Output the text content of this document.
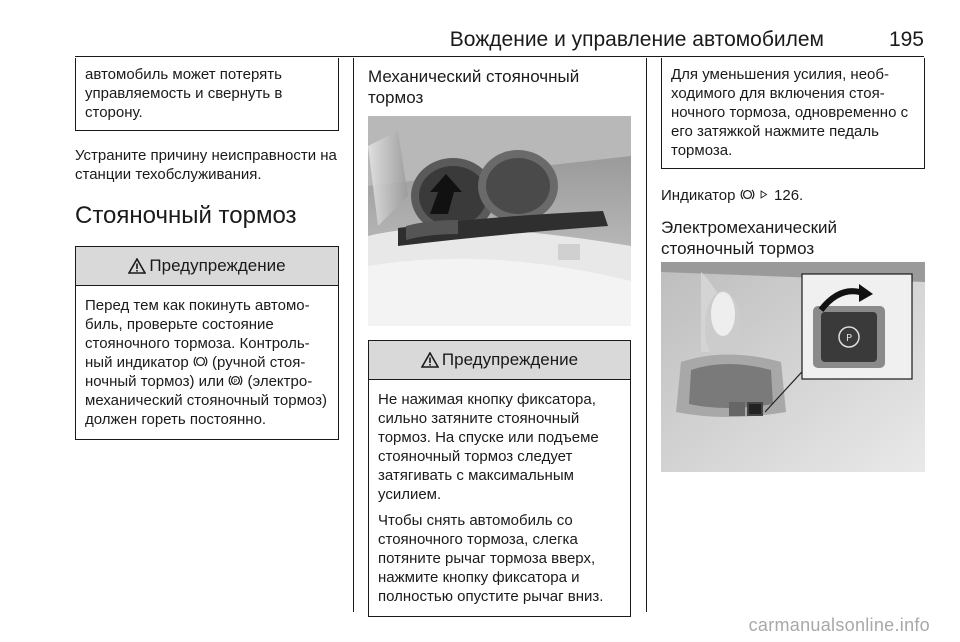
Вождение и управление автомобилем	195

автомобиль может потерять управляемость и свернуть в сторону.

Устраните причину неисправности на станции техобслуживания.

Стояночный тормоз
Предупреждение

Перед тем как покинуть автомо-биль, проверьте состояние стояночного тормоза. Контроль-ный индикатор (ручной стоя-ночный тормоз) или P (электро-механический стояночный тормоз) должен гореть постоянно.

Механический стояночный тормоз
Предупреждение

Не нажимая кнопку фиксатора, сильно затяните стояночный тормоз. На спуске или подъеме стояночный тормоз следует затягивать с максимальным усилием.

Чтобы снять автомобиль со стояночного тормоза, слегка потяните рычаг тормоза вверх, нажмите кнопку фиксатора и полностью опустите рычаг вниз.

Для уменьшения усилия, необ-ходимого для включения стоя-ночного тормоза, одновременно с его затяжкой нажмите педаль тормоза.

Индикатор	126.

Электромеханический стояночный тормоз
P
carmanualsonline.info
